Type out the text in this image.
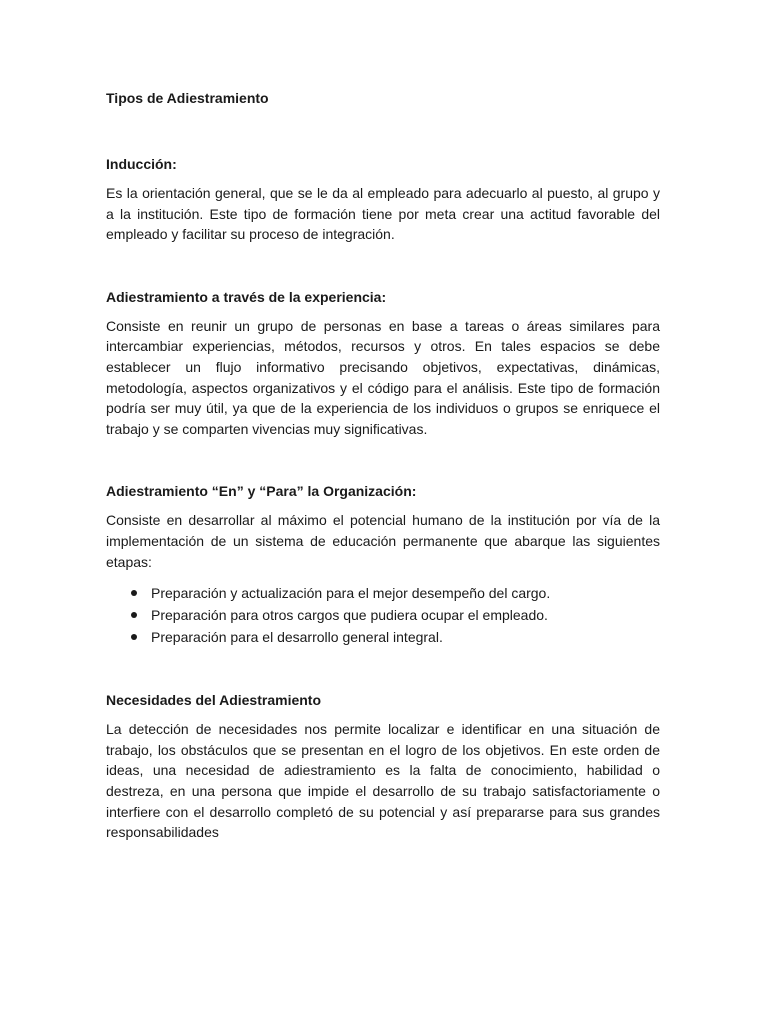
Tipos de Adiestramiento
Inducción:

Es la orientación general, que se le da al empleado para adecuarlo al puesto, al grupo y a la institución. Este tipo de formación tiene por meta crear una actitud favorable del empleado y facilitar su proceso de integración.

Adiestramiento a través de la experiencia:

Consiste en reunir un grupo de personas en base a tareas o áreas similares para intercambiar experiencias, métodos, recursos y otros. En tales espacios se debe establecer un flujo informativo precisando objetivos, expectativas, dinámicas, metodología, aspectos organizativos y el código para el análisis. Este tipo de formación podría ser muy útil, ya que de la experiencia de los individuos o grupos se enriquece el trabajo y se comparten vivencias muy significativas.

Adiestramiento “En” y “Para” la Organización:

Consiste en desarrollar al máximo el potencial humano de la institución por vía de la implementación de un sistema de educación permanente que abarque las siguientes etapas:

Preparación y actualización para el mejor desempeño del cargo.
Preparación para otros cargos que pudiera ocupar el empleado.
Preparación para el desarrollo general integral.
Necesidades del Adiestramiento

La detección de necesidades nos permite localizar e identificar en una situación de trabajo, los obstáculos que se presentan en el logro de los objetivos. En este orden de ideas, una necesidad de adiestramiento es la falta de conocimiento, habilidad o destreza, en una persona que impide el desarrollo de su trabajo satisfactoriamente o interfiere con el desarrollo completó de su potencial y así prepararse para sus grandes responsabilidades
